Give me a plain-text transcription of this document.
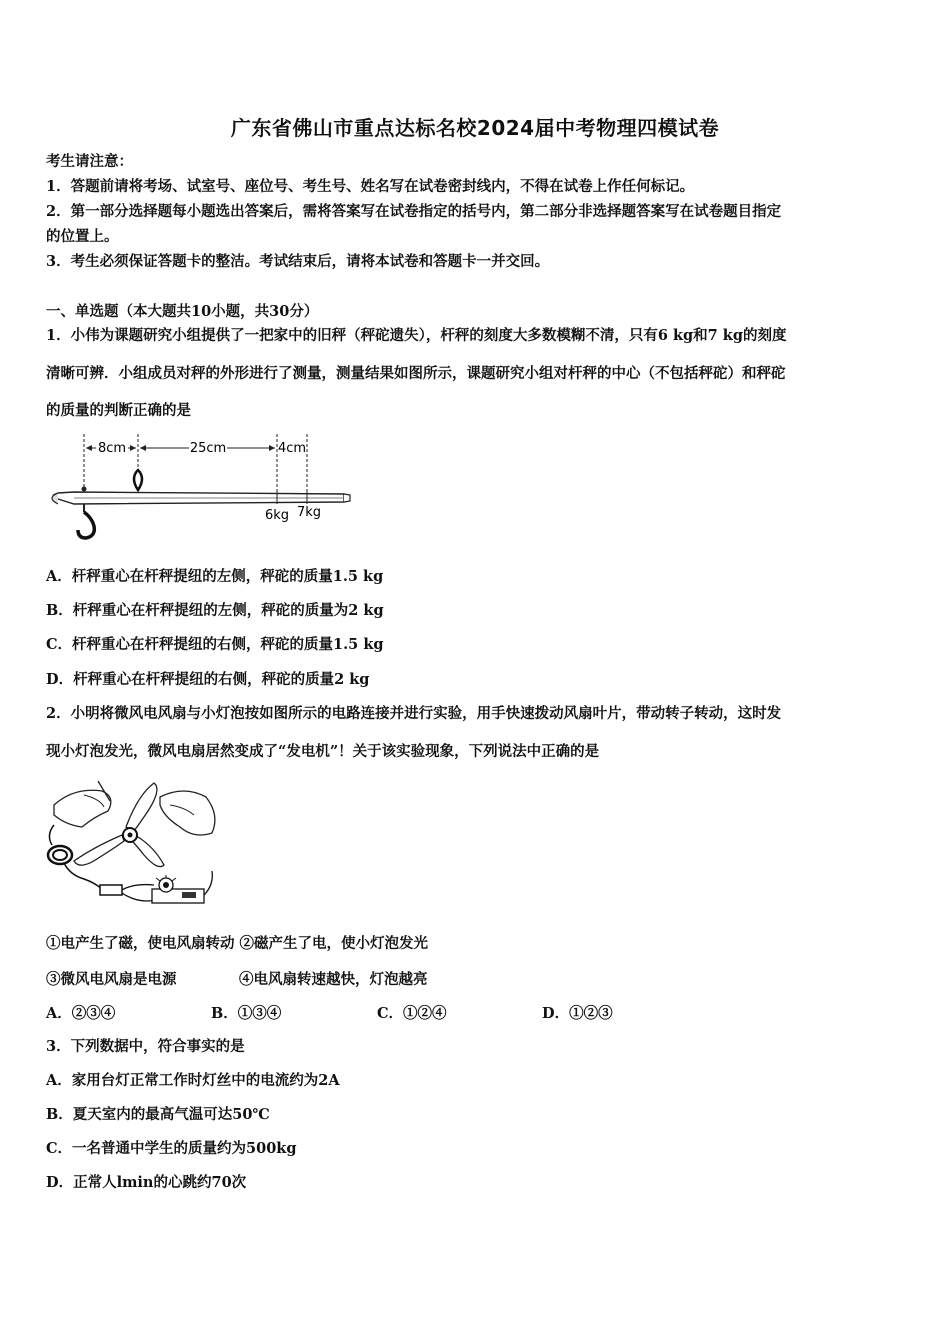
广东省佛山市重点达标名校2024届中考物理四模试卷
考生请注意：
1．答题前请将考场、试室号、座位号、考生号、姓名写在试卷密封线内，不得在试卷上作任何标记。
2．第一部分选择题每小题选出答案后，需将答案写在试卷指定的括号内，第二部分非选择题答案写在试卷题目指定
的位置上。
3．考生必须保证答题卡的整洁。考试结束后，请将本试卷和答题卡一并交回。
一、单选题（本大题共10小题，共30分）
1．小伟为课题研究小组提供了一把家中的旧秤（秤砣遗失），杆秤的刻度大多数模糊不清，只有6 kg和7 kg的刻度
清晰可辨．小组成员对秤的外形进行了测量，测量结果如图所示，课题研究小组对杆秤的中心（不包括秤砣）和秤砣
的质量的判断正确的是
8cm	25cm	4cm
6kg 7kg
A．杆秤重心在杆秤提纽的左侧，秤砣的质量1.5 kg
B．杆秤重心在杆秤提纽的左侧，秤砣的质量为2 kg
C．杆秤重心在杆秤提纽的右侧，秤砣的质量1.5 kg
D．杆秤重心在杆秤提纽的右侧，秤砣的质量2 kg
2．小明将微风电风扇与小灯泡按如图所示的电路连接并进行实验，用手快速拨动风扇叶片，带动转子转动，这时发
现小灯泡发光，微风电扇居然变成了“发电机”！关于该实验现象，下列说法中正确的是
①电产生了磁，使电风扇转动 ②磁产生了电，使小灯泡发光
③微风电风扇是电源	④电风扇转速越快，灯泡越亮
A．②③④	B．①③④	C．①②④	D．①②③
3．下列数据中，符合事实的是
A．家用台灯正常工作时灯丝中的电流约为2A
B．夏天室内的最高气温可达50℃
C．一名普通中学生的质量约为500kg
D．正常人lmin的心跳约70次
